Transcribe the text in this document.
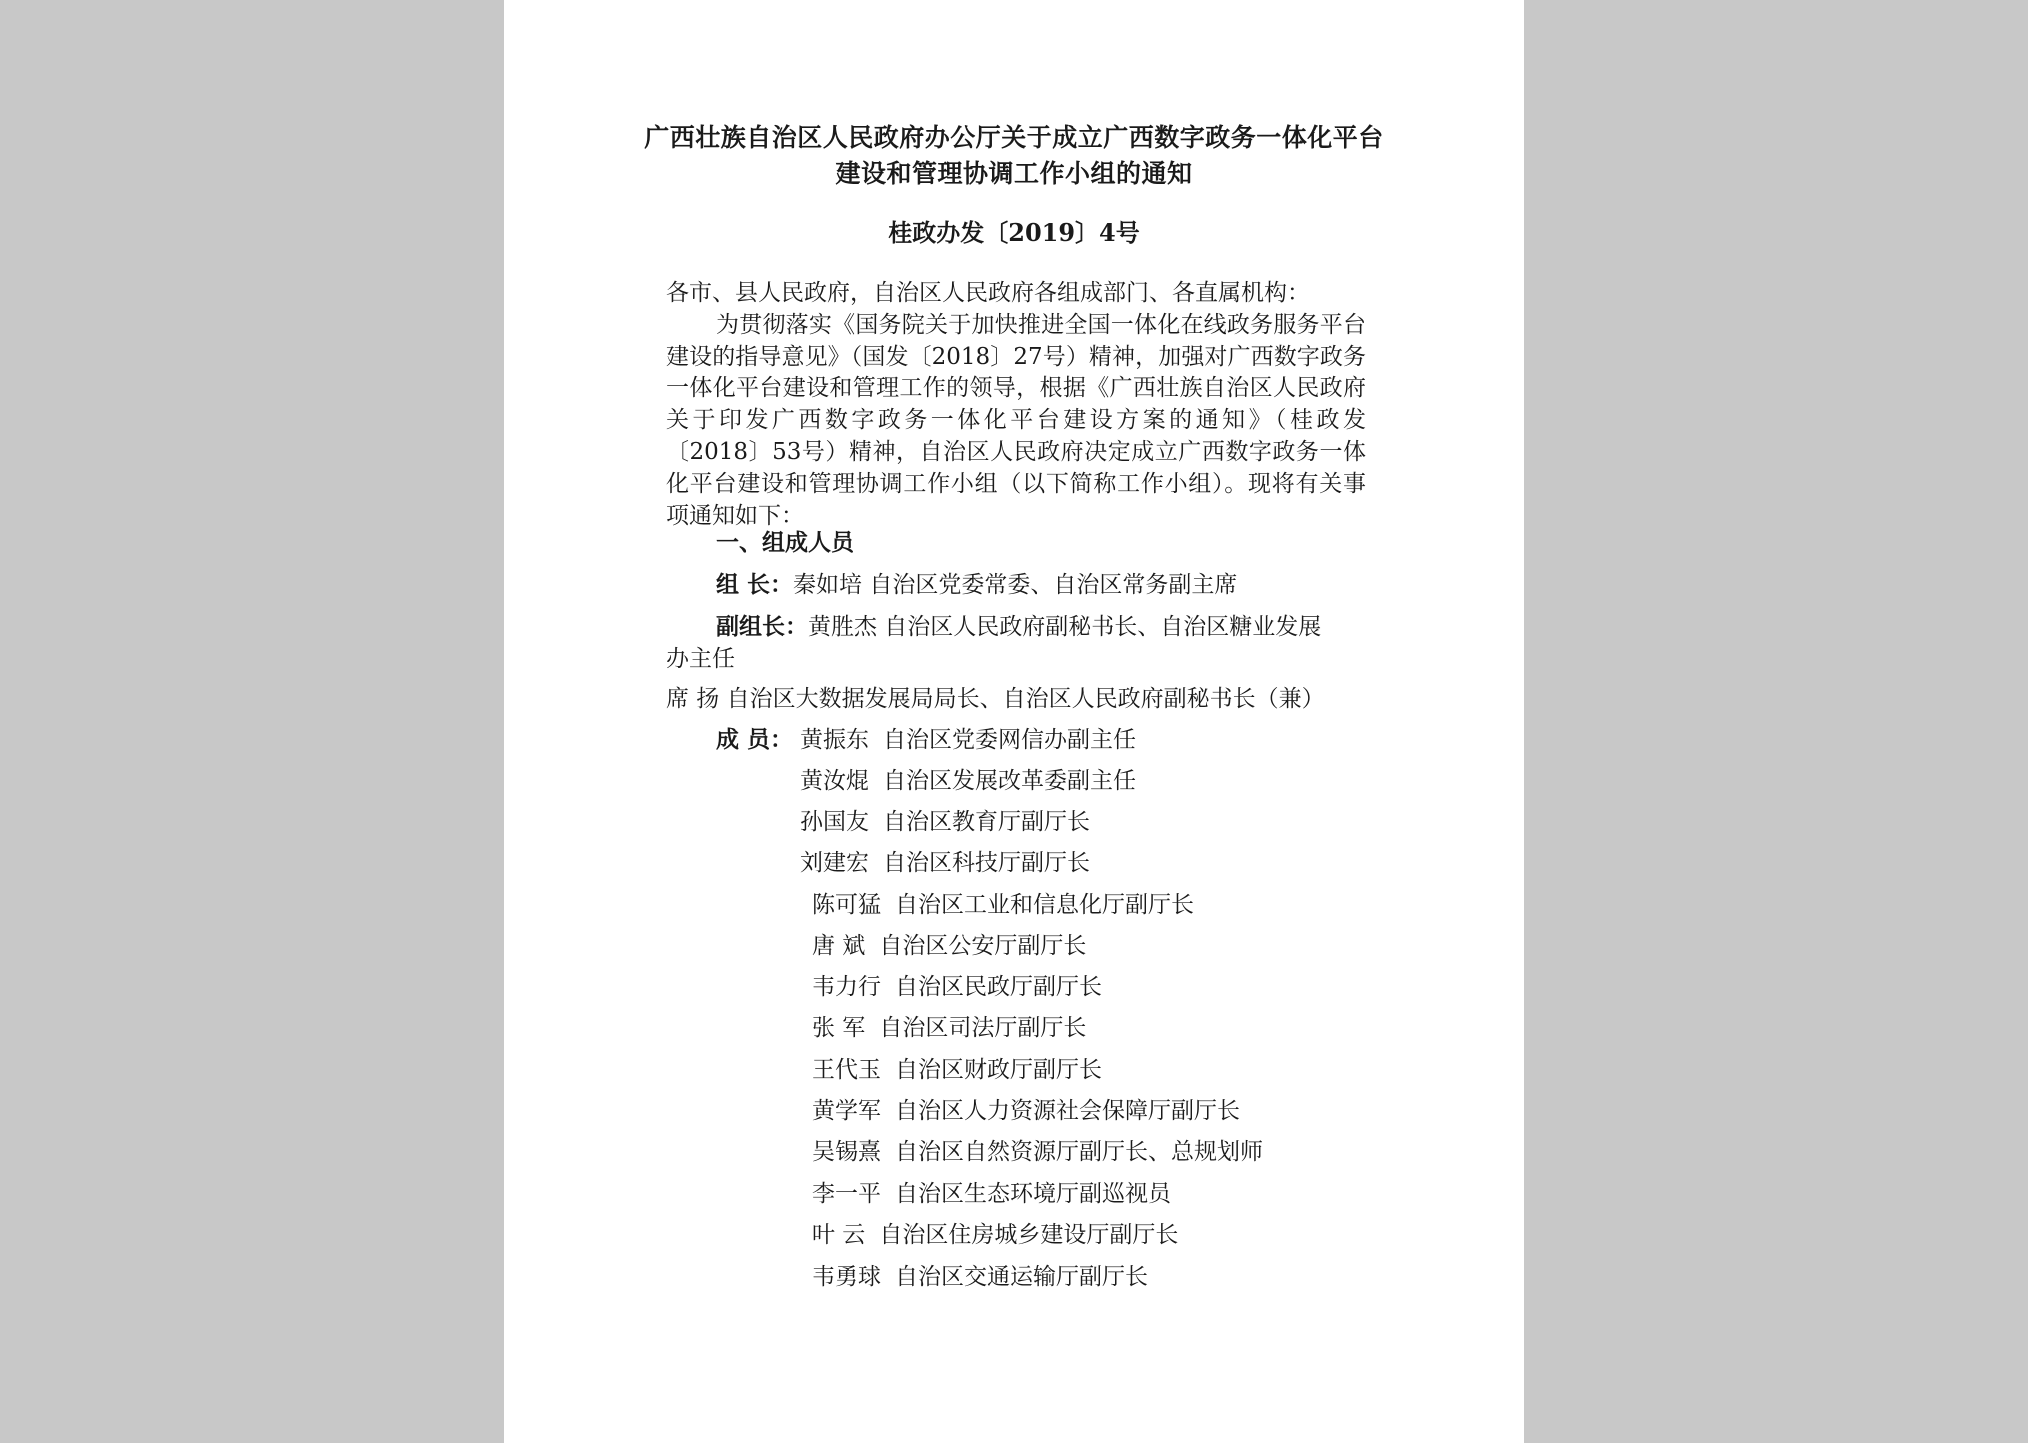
广西壮族自治区人民政府办公厅关于成立广西数字政务一体化平台
建设和管理协调工作小组的通知
桂政办发〔2019〕4号

各市、县人民政府，自治区人民政府各组成部门、各直属机构：

为贯彻落实《国务院关于加快推进全国一体化在线政务服务平台建设的指导意见》（国发〔2018〕27号）精神，加强对广西数字政务一体化平台建设和管理工作的领导，根据《广西壮族自治区人民政府关于印发广西数字政务一体化平台建设方案的通知》（桂政发〔2018〕53号）精神，自治区人民政府决定成立广西数字政务一体化平台建设和管理协调工作小组（以下简称工作小组）。现将有关事项通知如下：

一、组成人员
组 长：秦如培 自治区党委常委、自治区常务副主席
副组长：黄胜杰 自治区人民政府副秘书长、自治区糖业发展
办主任
席 扬 自治区大数据发展局局长、自治区人民政府副秘书长（兼）
成 员： 黄振东 自治区党委网信办副主任
黄汝焜 自治区发展改革委副主任
孙国友 自治区教育厅副厅长
刘建宏 自治区科技厅副厅长
陈可猛 自治区工业和信息化厅副厅长
唐 斌 自治区公安厅副厅长
韦力行 自治区民政厅副厅长
张 军 自治区司法厅副厅长
王代玉 自治区财政厅副厅长
黄学军 自治区人力资源社会保障厅副厅长
吴锡熹 自治区自然资源厅副厅长、总规划师
李一平 自治区生态环境厅副巡视员
叶 云 自治区住房城乡建设厅副厅长
韦勇球 自治区交通运输厅副厅长
